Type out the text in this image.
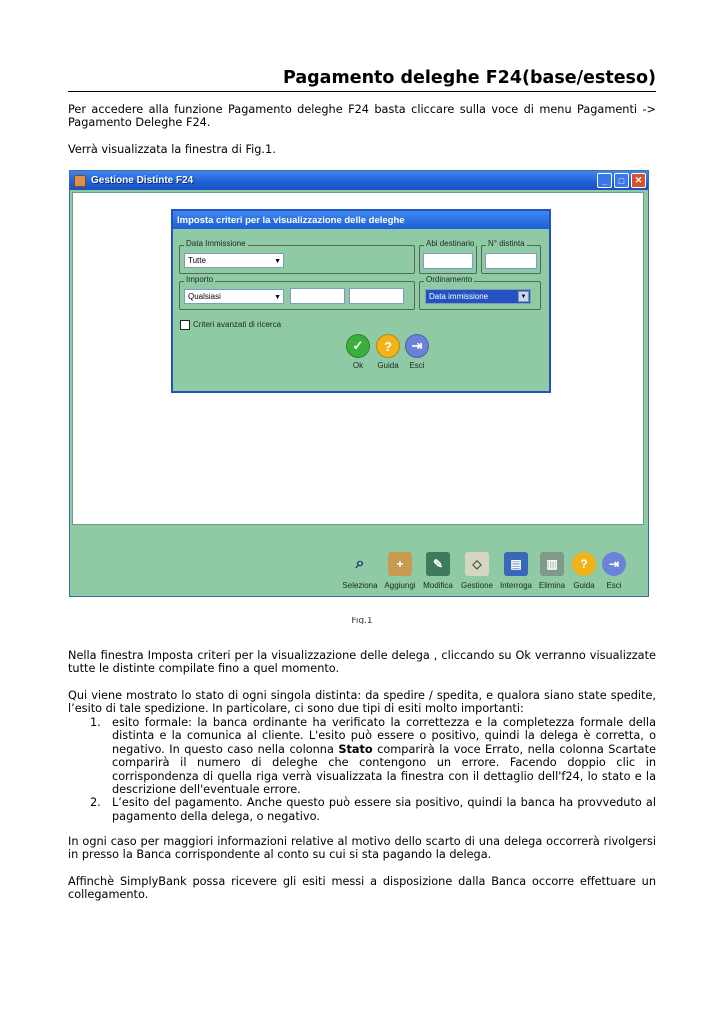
Pagamento deleghe F24(base/esteso)

Per accedere alla funzione Pagamento deleghe F24 basta cliccare sulla voce di menu Pagamenti -> Pagamento Deleghe F24.

Verrà visualizzata la finestra di Fig.1.

Gestione Distinte F24	_	□	✕
Imposta criteri per la visualizzazione delle deleghe
Data Immissione
Tutte	▼
Abi destinario N° distinta
Importo
Qualsiasi	▼
Ordinamento
Data immissione	▼
Criteri avanzati di ricerca
✓
Ok
?
Guida
⇥
Esci
⌕
Seleziona
+
Aggiungi
✎
Modifica
◇
Gestione
▤
Interroga
▥
Elimina
?
Guida
⇥
Esci
Fig.1

Nella finestra Imposta criteri per la visualizzazione delle delega , cliccando su Ok verranno visualizzate tutte le distinte compilate fino a quel momento.

Qui viene mostrato lo stato di ogni singola distinta: da spedire / spedita, e qualora siano state spedite, l’esito di tale spedizione. In particolare, ci sono due tipi di esiti molto importanti:

1. esito formale: la banca ordinante ha verificato la correttezza e la completezza formale della distinta e la comunica al cliente. L'esito può essere o positivo, quindi la delega è corretta, o negativo. In questo caso nella colonna Stato comparirà la voce Errato, nella colonna Scartate comparirà il numero di deleghe che contengono un errore. Facendo doppio clic in corrispondenza di quella riga verrà visualizzata la finestra con il dettaglio dell'f24, lo stato e la descrizione dell'eventuale errore.
2. L’esito del pagamento. Anche questo può essere sia positivo, quindi la banca ha provveduto al pagamento della delega, o negativo.

In ogni caso per maggiori informazioni relative al motivo dello scarto di una delega occorrerà rivolgersi in presso la Banca corrispondente al conto su cui si sta pagando la delega.

Affinchè SimplyBank possa ricevere gli esiti messi a disposizione dalla Banca occorre effettuare un collegamento.
